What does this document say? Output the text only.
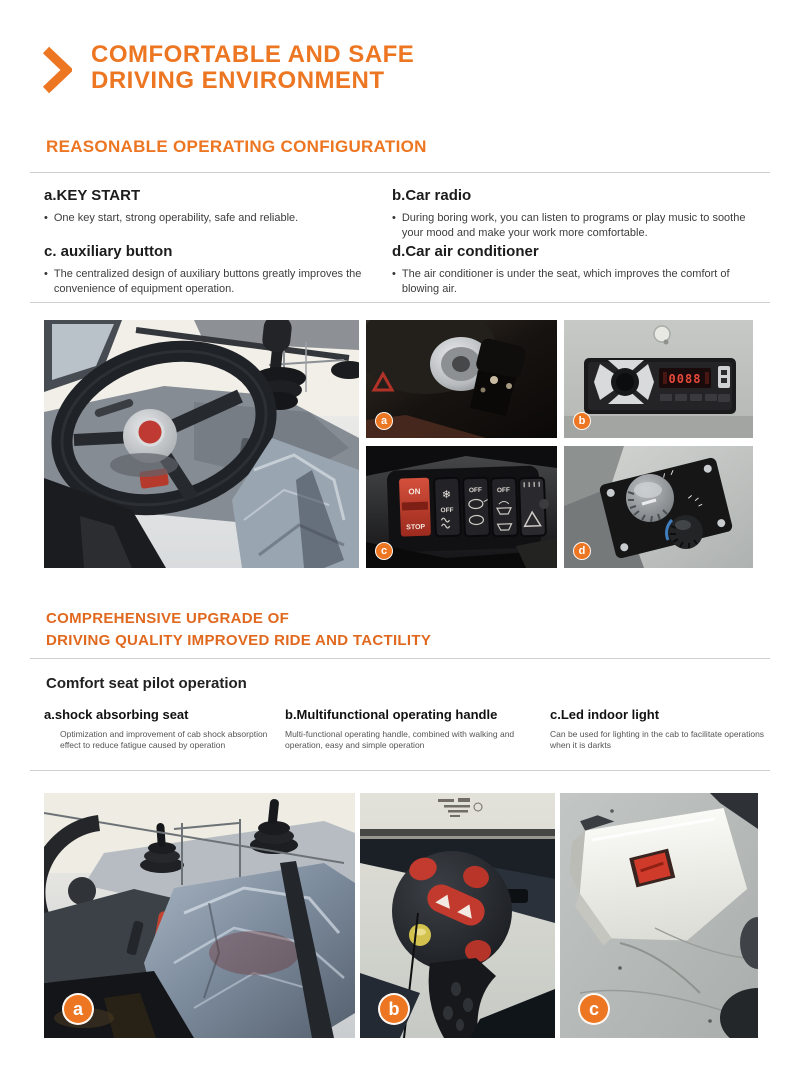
COMFORTABLE AND SAFE
DRIVING ENVIRONMENT
REASONABLE OPERATING CONFIGURATION
a.KEY START
• One key start, strong operability, safe and reliable.
b.Car radio
• During boring work, you can listen to programs or play music to soothe your mood and make your work more comfortable.
c. auxiliary button
• The centralized design of auxiliary buttons greatly improves the convenience of equipment operation.
d.Car air conditioner
• The air conditioner is under the seat, which improves the comfort of blowing air.
a
0088
b
ON
STOP
❄
OFF
OFF OFF
c	d
COMPREHENSIVE UPGRADE OF
DRIVING QUALITY IMPROVED RIDE AND TACTILITY
Comfort seat pilot operation
a.shock absorbing seat
Optimization and improvement of cab shock absorption effect to reduce fatigue caused by operation
b.Multifunctional operating handle
Multi-functional operating handle, combined with walking and operation, easy and simple operation
c.Led indoor light
Can be used for lighting in the cab to facilitate operations when it is darkts
a	b	c
